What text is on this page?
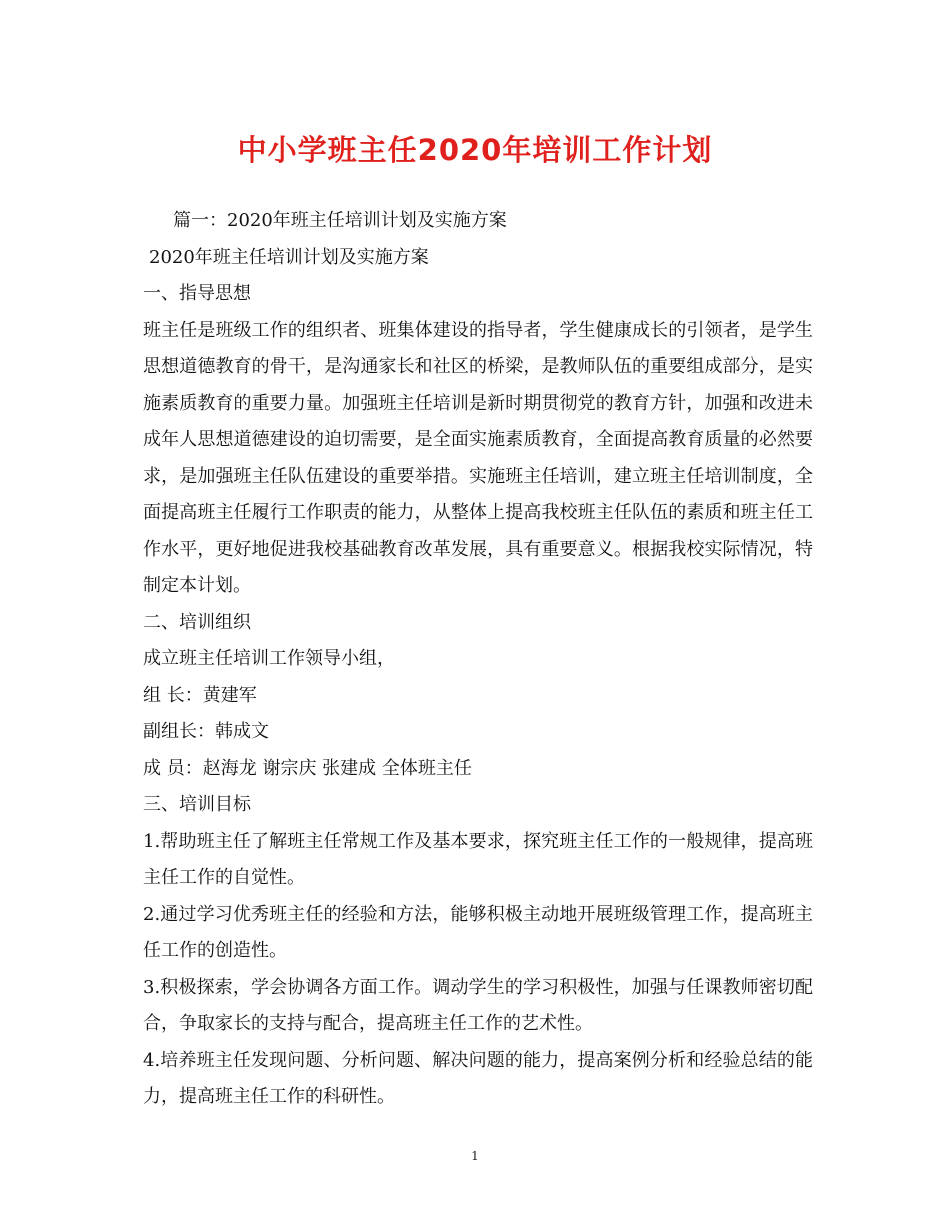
中小学班主任2020年培训工作计划
篇一：2020年班主任培训计划及实施方案
2020年班主任培训计划及实施方案
一、指导思想
班主任是班级工作的组织者、班集体建设的指导者，学生健康成长的引领者，是学生思想道德教育的骨干，是沟通家长和社区的桥梁，是教师队伍的重要组成部分，是实施素质教育的重要力量。加强班主任培训是新时期贯彻党的教育方针，加强和改进未成年人思想道德建设的迫切需要，是全面实施素质教育，全面提高教育质量的必然要求，是加强班主任队伍建设的重要举措。实施班主任培训，建立班主任培训制度，全面提高班主任履行工作职责的能力，从整体上提高我校班主任队伍的素质和班主任工作水平，更好地促进我校基础教育改革发展，具有重要意义。根据我校实际情况，特制定本计划。
二、培训组织
成立班主任培训工作领导小组，
组 长：黄建军
副组长：韩成文
成 员：赵海龙 谢宗庆 张建成 全体班主任
三、培训目标
1.帮助班主任了解班主任常规工作及基本要求，探究班主任工作的一般规律，提高班主任工作的自觉性。
2.通过学习优秀班主任的经验和方法，能够积极主动地开展班级管理工作，提高班主任工作的创造性。
3.积极探索，学会协调各方面工作。调动学生的学习积极性，加强与任课教师密切配合，争取家长的支持与配合，提高班主任工作的艺术性。
4.培养班主任发现问题、分析问题、解决问题的能力，提高案例分析和经验总结的能力，提高班主任工作的科研性。
1
